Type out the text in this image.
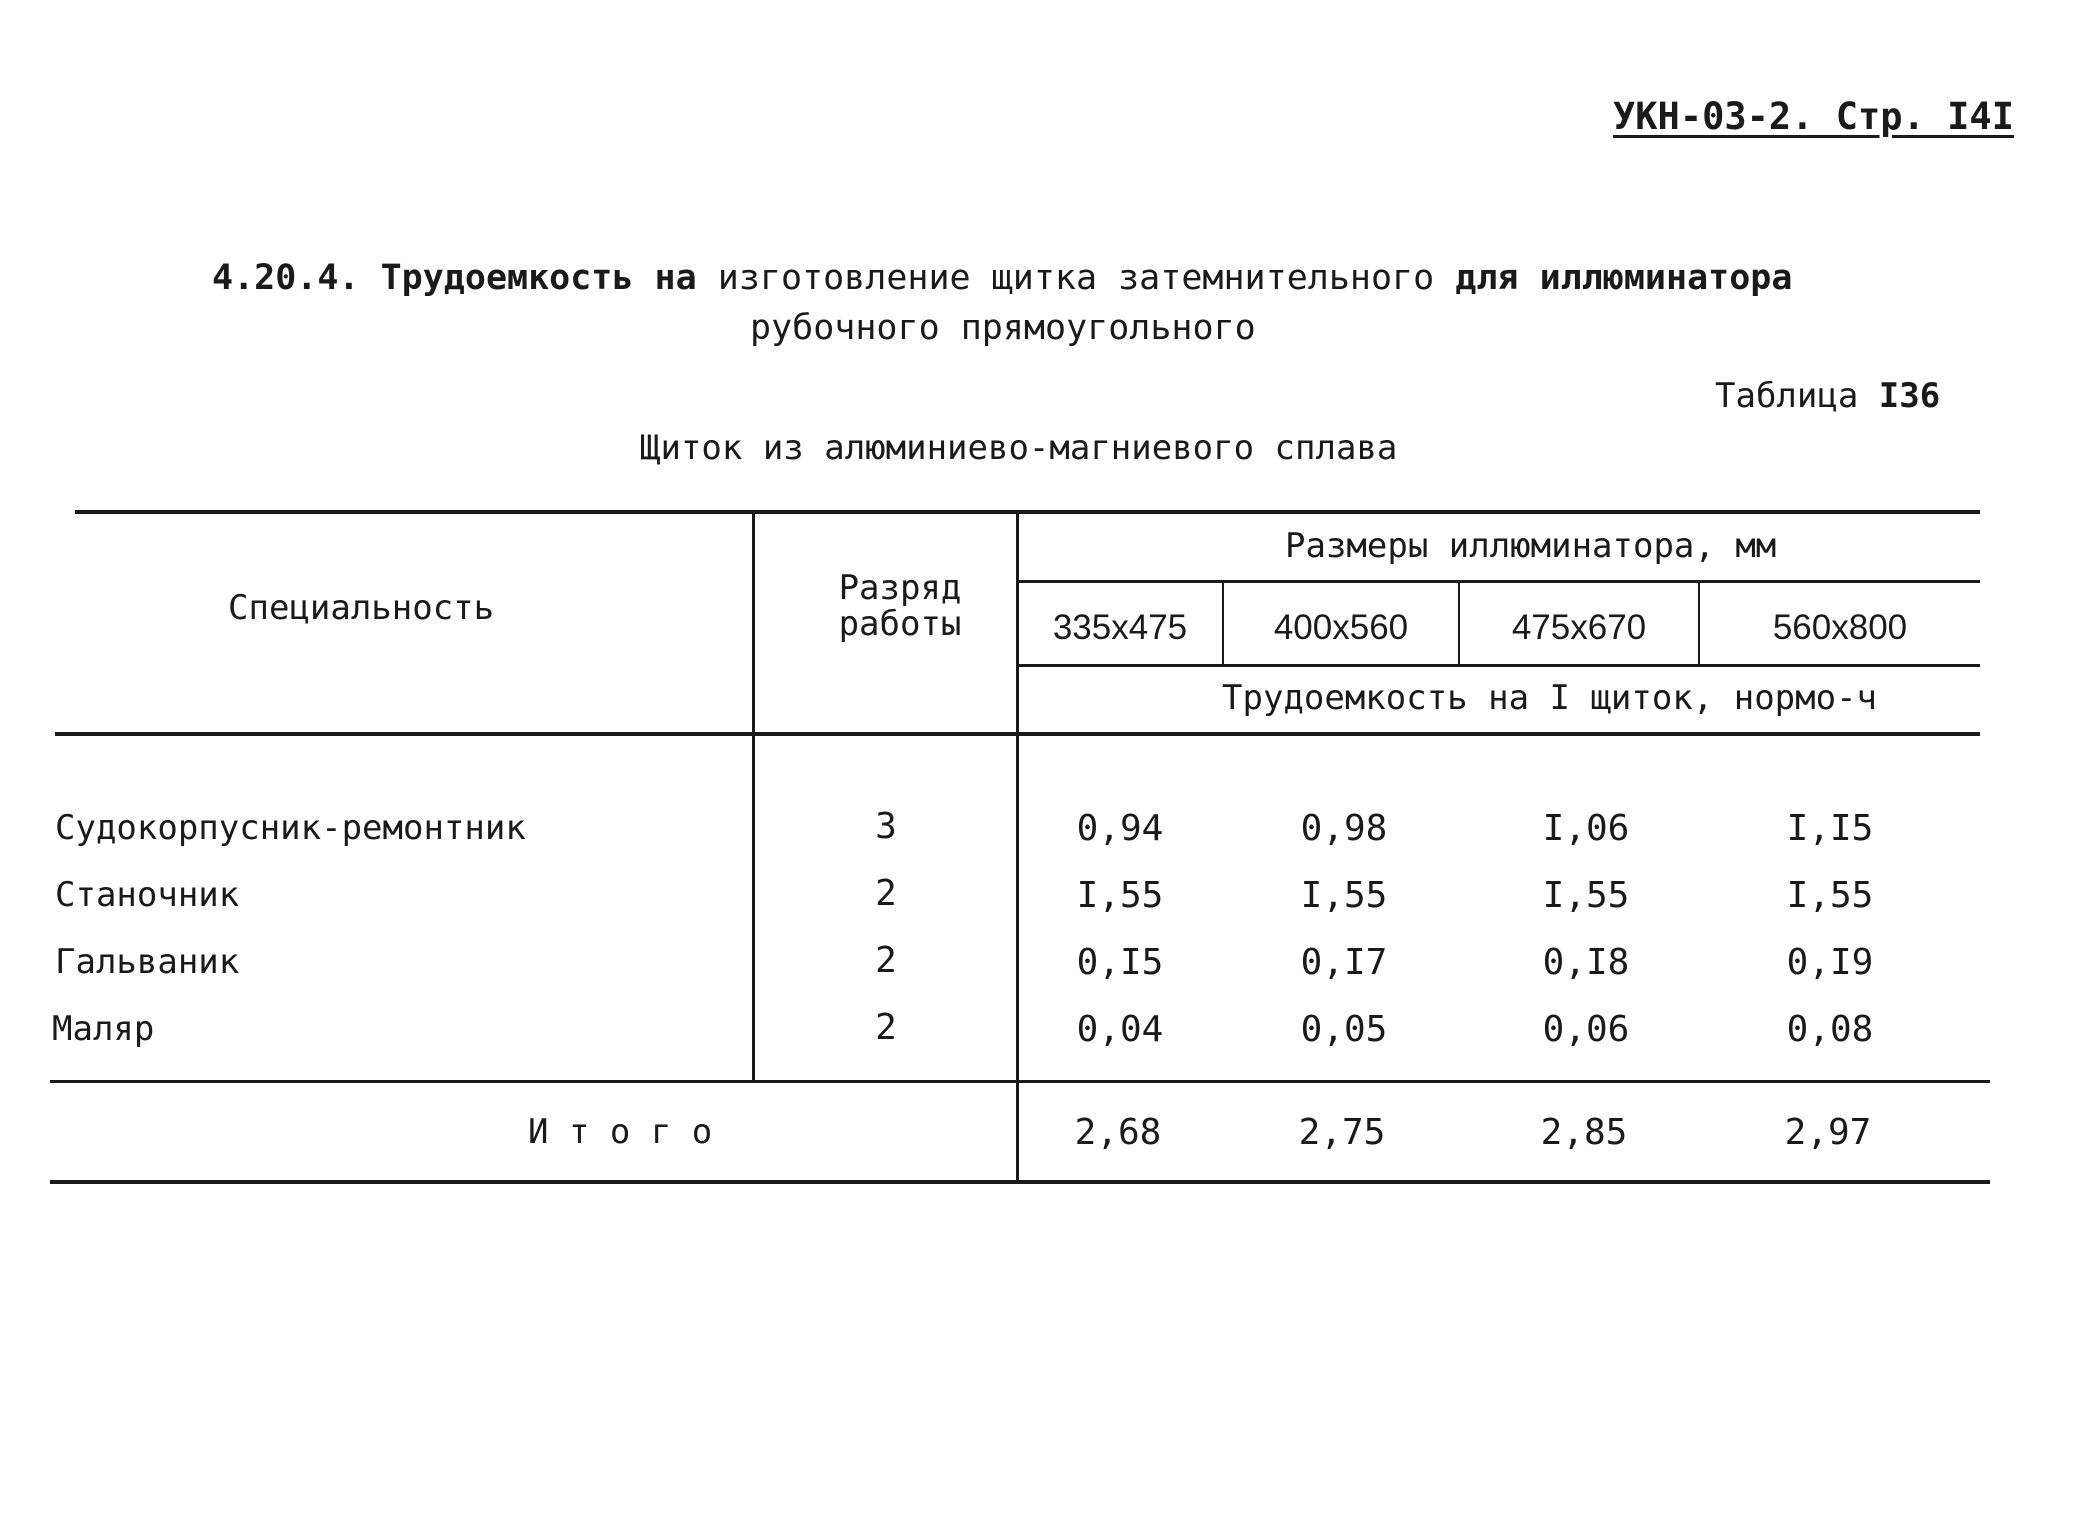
УКН-03-2. Стр. I4I
4.20.4. Трудоемкость на изготовление щитка затемнительного для иллюминатора
рубочного прямоугольного
Таблица I36
Щиток из алюминиево-магниевого сплава
Специальность	Разряд
работы
Размеры иллюминатора, мм
335x475	400x560	475x670	560x800
Трудоемкость на I щиток, нормо-ч
Судокорпусник-ремонтник	3	0,94	0,98	I,06	I,I5
Станочник	2	I,55	I,55	I,55	I,55
Гальваник	2	0,I5	0,I7	0,I8	0,I9
Маляр	2	0,04	0,05	0,06	0,08
И т о г о	2,68	2,75	2,85	2,97
